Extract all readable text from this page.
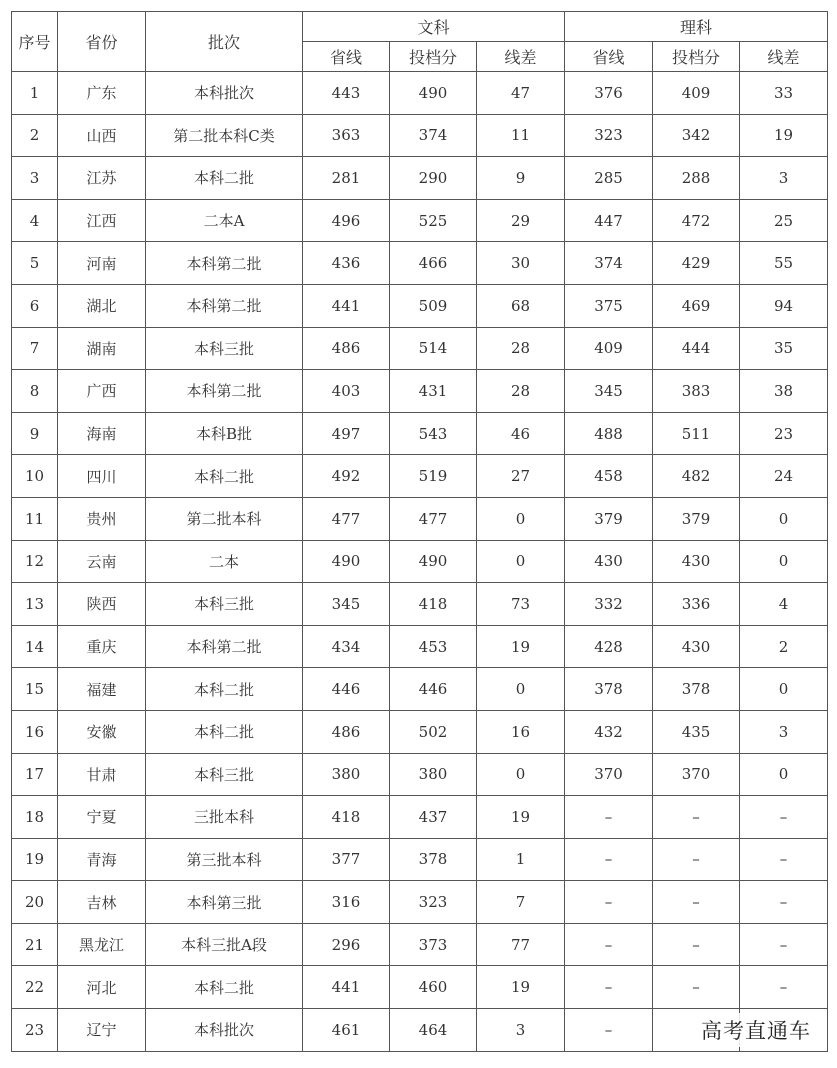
序号	省份	批次	文科			理科		
			省线	投档分	线差	省线	投档分	线差
1	广东	本科批次	443	490	47	376	409	33
2	山西	第二批本科C类	363	374	11	323	342	19
3	江苏	本科二批	281	290	9	285	288	3
4	江西	二本A	496	525	29	447	472	25
5	河南	本科第二批	436	466	30	374	429	55
6	湖北	本科第二批	441	509	68	375	469	94
7	湖南	本科三批	486	514	28	409	444	35
8	广西	本科第二批	403	431	28	345	383	38
9	海南	本科B批	497	543	46	488	511	23
10	四川	本科二批	492	519	27	458	482	24
11	贵州	第二批本科	477	477	0	379	379	0
12	云南	二本	490	490	0	430	430	0
13	陕西	本科三批	345	418	73	332	336	4
14	重庆	本科第二批	434	453	19	428	430	2
15	福建	本科二批	446	446	0	378	378	0
16	安徽	本科二批	486	502	16	432	435	3
17	甘肃	本科三批	380	380	0	370	370	0
18	宁夏	三批本科	418	437	19	–	–	–
19	青海	第三批本科	377	378	1	–	–	–
20	吉林	本科第三批	316	323	7	–	–	–
21	黑龙江	本科三批A段	296	373	77	–	–	–
22	河北	本科二批	441	460	19	–	–	–
23	辽宁	本科批次	461	464	3	–			高考直通车
